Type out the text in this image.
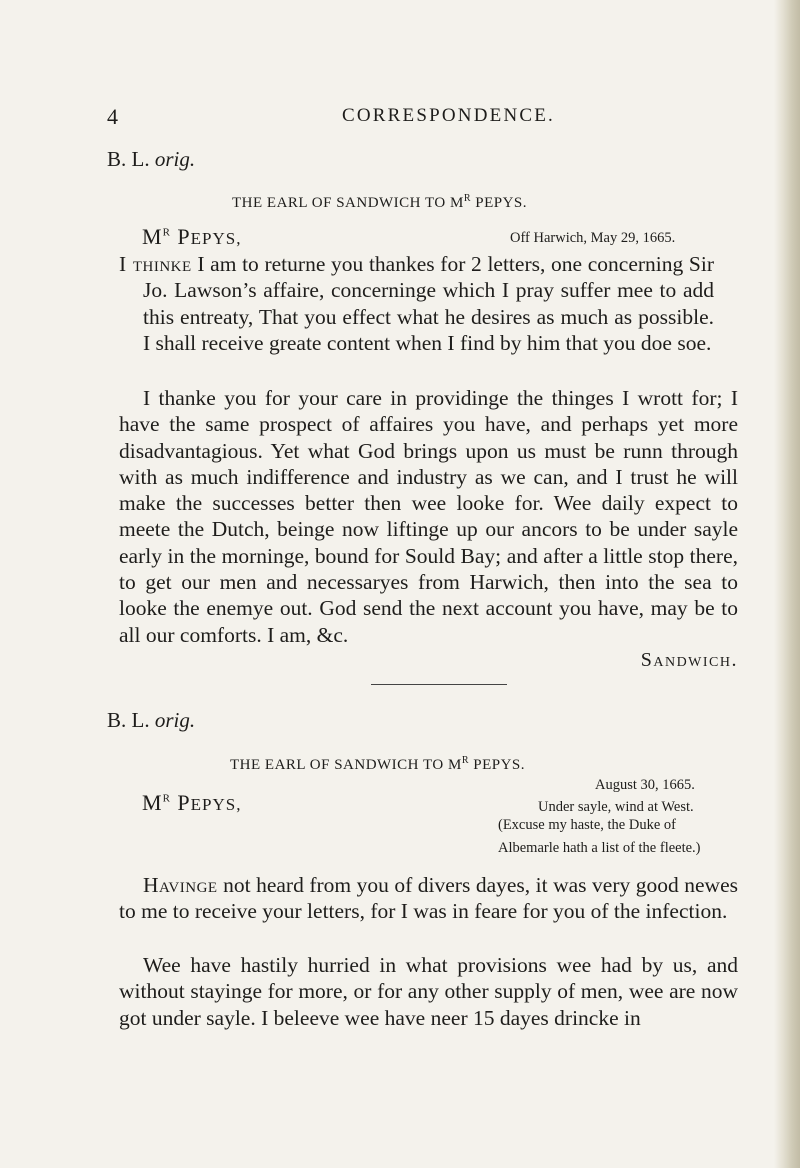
4	CORRESPONDENCE.
B. L. orig.
THE EARL OF SANDWICH TO $M^R$ PEPYS.
$M^R$ PEPYS,	Off Harwich, May 29, 1665.

I thinke I am to returne you thankes for 2 letters, one concerning Sir Jo. Lawson’s affaire, concerninge which I pray suffer mee to add this entreaty, That you effect what he desires as much as possible. I shall receive greate content when I find by him that you doe soe.

I thanke you for your care in providinge the thinges I wrott for; I have the same prospect of affaires you have, and perhaps yet more disadvantagious. Yet what God brings upon us must be runn through with as much indifference and industry as we can, and I trust he will make the successes better then wee looke for. Wee daily expect to meete the Dutch, beinge now liftinge up our ancors to be under sayle early in the morninge, bound for Sould Bay; and after a little stop there, to get our men and necessaryes from Harwich, then into the sea to looke the enemye out. God send the next account you have, may be to all our comforts. I am, &c.

Sandwich.
B. L. orig.
THE EARL OF SANDWICH TO $M^R$ PEPYS.
August 30, 1665.
Under sayle, wind at West.
$M^R$ PEPYS,
(Excuse my haste, the Duke of Albemarle hath a list of the fleete.)

Havinge not heard from you of divers dayes, it was very good newes to me to receive your letters, for I was in feare for you of the infection.

Wee have hastily hurried in what provisions wee had by us, and without stayinge for more, or for any other supply of men, wee are now got under sayle. I beleeve wee have neer 15 dayes drincke in
